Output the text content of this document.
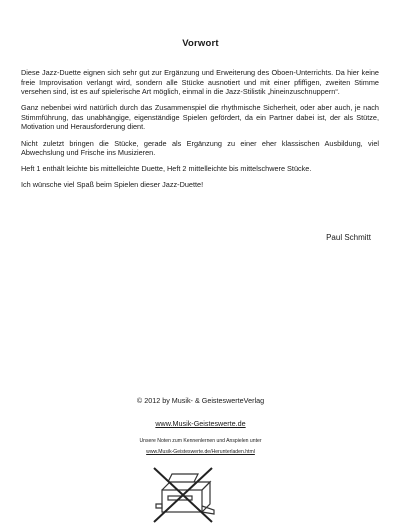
Vorwort

Diese Jazz-Duette eignen sich sehr gut zur Ergänzung und Erweiterung des Oboen-Unterrichts. Da hier keine freie Improvisation verlangt wird, sondern alle Stücke ausnotiert und mit einer pfiffigen, zweiten Stimme versehen sind, ist es auf spielerische Art möglich, einmal in die Jazz-Stilistik „hineinzuschnuppern“.

Ganz nebenbei wird natürlich durch das Zusammenspiel die rhythmische Sicherheit, oder aber auch, je nach Stimmführung, das unabhängige, eigenständige Spielen gefördert, da ein Partner dabei ist, der als Stütze, Motivation und Herausforderung dient.

Nicht zuletzt bringen die Stücke, gerade als Ergänzung zu einer eher klassischen Ausbildung, viel Abwechslung und Frische ins Musizieren.

Heft 1 enthält leichte bis mittelleichte Duette, Heft 2 mittelleichte bis mittelschwere Stücke.

Ich wünsche viel Spaß beim Spielen dieser Jazz-Duette!

Paul Schmitt
© 2012 by Musik- & GeisteswerteVerlag
www.Musik-Geisteswerte.de
Unsere Noten zum Kennenlernen und Anspielen unter
www.Musik-Geisteswerte.de/Herunterladen.html
